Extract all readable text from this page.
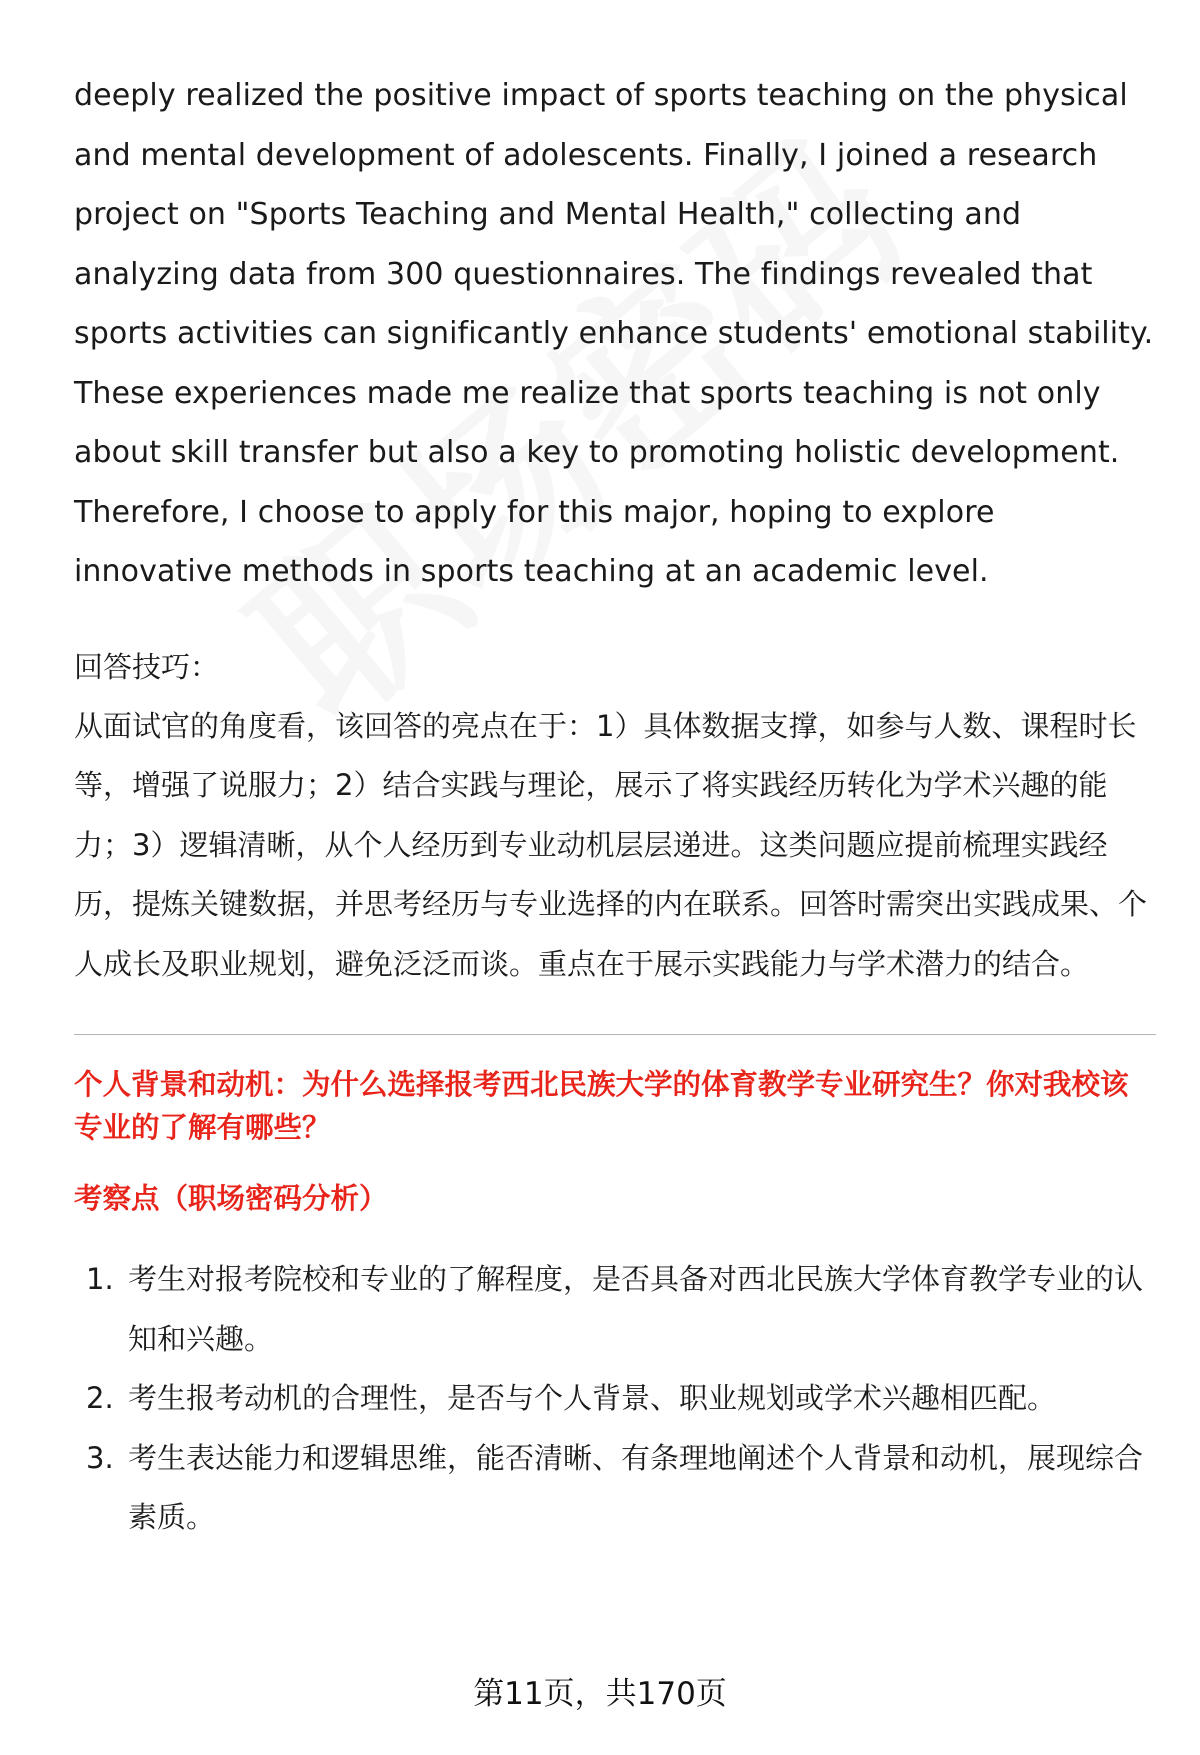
deeply realized the positive impact of sports teaching on the physical and mental development of adolescents. Finally, I joined a research project on "Sports Teaching and Mental Health," collecting and analyzing data from 300 questionnaires. The findings revealed that sports activities can significantly enhance students' emotional stability. These experiences made me realize that sports teaching is not only about skill transfer but also a key to promoting holistic development. Therefore, I choose to apply for this major, hoping to explore innovative methods in sports teaching at an academic level.

回答技巧：

从面试官的角度看，该回答的亮点在于：1）具体数据支撑，如参与人数、课程时长等，增强了说服力；2）结合实践与理论，展示了将实践经历转化为学术兴趣的能力；3）逻辑清晰，从个人经历到专业动机层层递进。这类问题应提前梳理实践经历，提炼关键数据，并思考经历与专业选择的内在联系。回答时需突出实践成果、个人成长及职业规划，避免泛泛而谈。重点在于展示实践能力与学术潜力的结合。

个人背景和动机：为什么选择报考西北民族大学的体育教学专业研究生？你对我校该专业的了解有哪些？

考察点（职场密码分析）

1. 考生对报考院校和专业的了解程度，是否具备对西北民族大学体育教学专业的认知和兴趣。
2. 考生报考动机的合理性，是否与个人背景、职业规划或学术兴趣相匹配。
3. 考生表达能力和逻辑思维，能否清晰、有条理地阐述个人背景和动机，展现综合素质。
第11页，共170页
